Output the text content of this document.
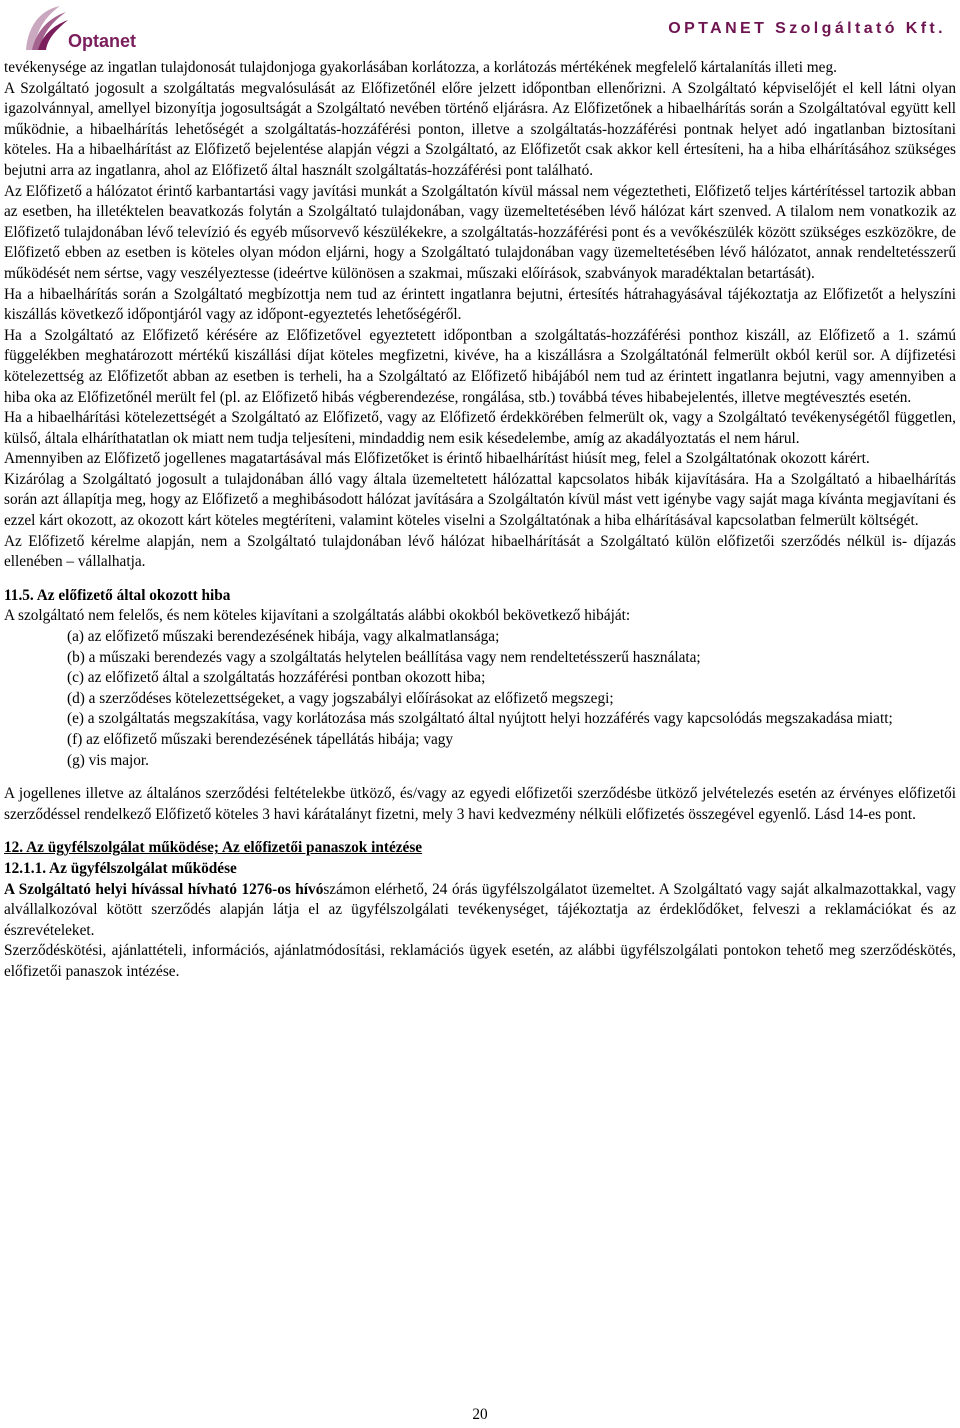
Optanet
OPTANET Szolgáltató Kft.

tevékenysége az ingatlan tulajdonosát tulajdonjoga gyakorlásában korlátozza, a korlátozás mértékének megfelelő kártalanítás illeti meg.

A Szolgáltató jogosult a szolgáltatás megvalósulását az Előfizetőnél előre jelzett időpontban ellenőrizni. A Szolgáltató képviselőjét el kell látni olyan igazolvánnyal, amellyel bizonyítja jogosultságát a Szolgáltató nevében történő eljárásra. Az Előfizetőnek a hibaelhárítás során a Szolgáltatóval együtt kell működnie, a hibaelhárítás lehetőségét a szolgáltatás-hozzáférési ponton, illetve a szolgáltatás-hozzáférési pontnak helyet adó ingatlanban biztosítani köteles. Ha a hibaelhárítást az Előfizető bejelentése alapján végzi a Szolgáltató, az Előfizetőt csak akkor kell értesíteni, ha a hiba elhárításához szükséges bejutni arra az ingatlanra, ahol az Előfizető által használt szolgáltatás-hozzáférési pont található.

Az Előfizető a hálózatot érintő karbantartási vagy javítási munkát a Szolgáltatón kívül mással nem végeztetheti, Előfizető teljes kártérítéssel tartozik abban az esetben, ha illetéktelen beavatkozás folytán a Szolgáltató tulajdonában, vagy üzemeltetésében lévő hálózat kárt szenved. A tilalom nem vonatkozik az Előfizető tulajdonában lévő televízió és egyéb műsorvevő készülékekre, a szolgáltatás-hozzáférési pont és a vevőkészülék között szükséges eszközökre, de Előfizető ebben az esetben is köteles olyan módon eljárni, hogy a Szolgáltató tulajdonában vagy üzemeltetésében lévő hálózatot, annak rendeltetésszerű működését nem sértse, vagy veszélyeztesse (ideértve különösen a szakmai, műszaki előírások, szabványok maradéktalan betartását).

Ha a hibaelhárítás során a Szolgáltató megbízottja nem tud az érintett ingatlanra bejutni, értesítés hátrahagyásával tájékoztatja az Előfizetőt a helyszíni kiszállás következő időpontjáról vagy az időpont-egyeztetés lehetőségéről.

Ha a Szolgáltató az Előfizető kérésére az Előfizetővel egyeztetett időpontban a szolgáltatás-hozzáférési ponthoz kiszáll, az Előfizető a 1. számú függelékben meghatározott mértékű kiszállási díjat köteles megfizetni, kivéve, ha a kiszállásra a Szolgáltatónál felmerült okból kerül sor. A díjfizetési kötelezettség az Előfizetőt abban az esetben is terheli, ha a Szolgáltató az Előfizető hibájából nem tud az érintett ingatlanra bejutni, vagy amennyiben a hiba oka az Előfizetőnél merült fel (pl. az Előfizető hibás végberendezése, rongálása, stb.) továbbá téves hibabejelentés, illetve megtévesztés esetén.

Ha a hibaelhárítási kötelezettségét a Szolgáltató az Előfizető, vagy az Előfizető érdekkörében felmerült ok, vagy a Szolgáltató tevékenységétől független, külső, általa elháríthatatlan ok miatt nem tudja teljesíteni, mindaddig nem esik késedelembe, amíg az akadályoztatás el nem hárul.

Amennyiben az Előfizető jogellenes magatartásával más Előfizetőket is érintő hibaelhárítást hiúsít meg, felel a Szolgáltatónak okozott kárért.

Kizárólag a Szolgáltató jogosult a tulajdonában álló vagy általa üzemeltetett hálózattal kapcsolatos hibák kijavítására. Ha a Szolgáltató a hibaelhárítás során azt állapítja meg, hogy az Előfizető a meghibásodott hálózat javítására a Szolgáltatón kívül mást vett igénybe vagy saját maga kívánta megjavítani és ezzel kárt okozott, az okozott kárt köteles megtéríteni, valamint köteles viselni a Szolgáltatónak a hiba elhárításával kapcsolatban felmerült költségét.

Az Előfizető kérelme alapján, nem a Szolgáltató tulajdonában lévő hálózat hibaelhárítását a Szolgáltató külön előfizetői szerződés nélkül is- díjazás ellenében – vállalhatja.

11.5. Az előfizető által okozott hiba

A szolgáltató nem felelős, és nem köteles kijavítani a szolgáltatás alábbi okokból bekövetkező hibáját:

(a) az előfizető műszaki berendezésének hibája, vagy alkalmatlansága;

(b) a műszaki berendezés vagy a szolgáltatás helytelen beállítása vagy nem rendeltetésszerű használata;

(c) az előfizető által a szolgáltatás hozzáférési pontban okozott hiba;

(d) a szerződéses kötelezettségeket, a vagy jogszabályi előírásokat az előfizető megszegi;

(e) a szolgáltatás megszakítása, vagy korlátozása más szolgáltató által nyújtott helyi hozzáférés vagy kapcsolódás megszakadása miatt;

(f) az előfizető műszaki berendezésének tápellátás hibája; vagy

(g) vis major.

A jogellenes illetve az általános szerződési feltételekbe ütköző, és/vagy az egyedi előfizetői szerződésbe ütköző jelvételezés esetén az érvényes előfizetői szerződéssel rendelkező Előfizető köteles 3 havi kárátalányt fizetni, mely 3 havi kedvezmény nélküli előfizetés összegével egyenlő. Lásd 14-es pont.

12. Az ügyfélszolgálat működése; Az előfizetői panaszok intézése

12.1.1. Az ügyfélszolgálat működése

A Szolgáltató helyi hívással hívható 1276-os hívószámon elérhető, 24 órás ügyfélszolgálatot üzemeltet. A Szolgáltató vagy saját alkalmazottakkal, vagy alvállalkozóval kötött szerződés alapján látja el az ügyfélszolgálati tevékenységet, tájékoztatja az érdeklődőket, felveszi a reklamációkat és az észrevételeket.

Szerződéskötési, ajánlattételi, információs, ajánlatmódosítási, reklamációs ügyek esetén, az alábbi ügyfélszolgálati pontokon tehető meg szerződéskötés, előfizetői panaszok intézése.

20
